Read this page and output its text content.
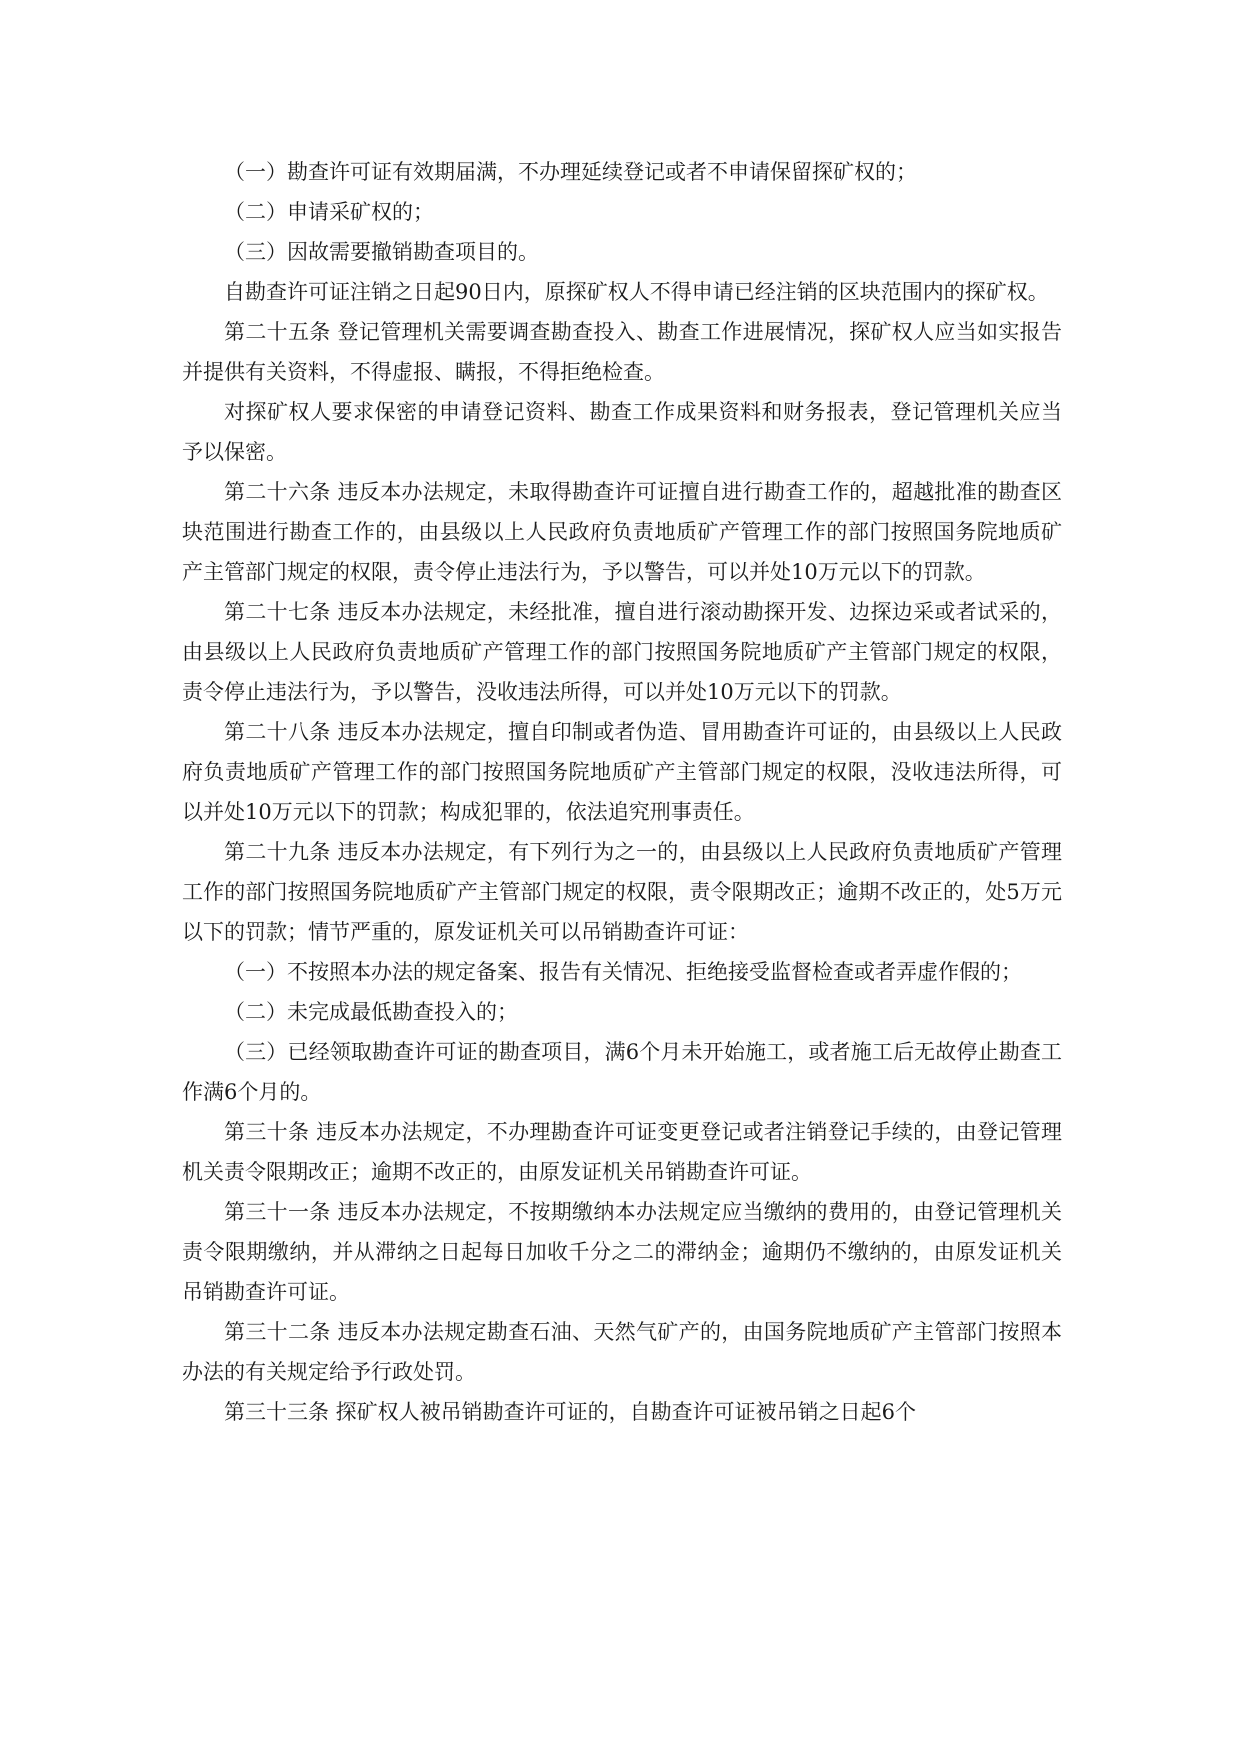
（一）勘查许可证有效期届满，不办理延续登记或者不申请保留探矿权的；

（二）申请采矿权的；

（三）因故需要撤销勘查项目的。

自勘查许可证注销之日起90日内，原探矿权人不得申请已经注销的区块范围内的探矿权。

第二十五条 登记管理机关需要调查勘查投入、勘查工作进展情况，探矿权人应当如实报告并提供有关资料，不得虚报、瞒报，不得拒绝检查。

对探矿权人要求保密的申请登记资料、勘查工作成果资料和财务报表，登记管理机关应当予以保密。

第二十六条 违反本办法规定，未取得勘查许可证擅自进行勘查工作的，超越批准的勘查区块范围进行勘查工作的，由县级以上人民政府负责地质矿产管理工作的部门按照国务院地质矿产主管部门规定的权限，责令停止违法行为，予以警告，可以并处10万元以下的罚款。

第二十七条 违反本办法规定，未经批准，擅自进行滚动勘探开发、边探边采或者试采的，由县级以上人民政府负责地质矿产管理工作的部门按照国务院地质矿产主管部门规定的权限，责令停止违法行为，予以警告，没收违法所得，可以并处10万元以下的罚款。

第二十八条 违反本办法规定，擅自印制或者伪造、冒用勘查许可证的，由县级以上人民政府负责地质矿产管理工作的部门按照国务院地质矿产主管部门规定的权限，没收违法所得，可以并处10万元以下的罚款；构成犯罪的，依法追究刑事责任。

第二十九条 违反本办法规定，有下列行为之一的，由县级以上人民政府负责地质矿产管理工作的部门按照国务院地质矿产主管部门规定的权限，责令限期改正；逾期不改正的，处5万元以下的罚款；情节严重的，原发证机关可以吊销勘查许可证：

（一）不按照本办法的规定备案、报告有关情况、拒绝接受监督检查或者弄虚作假的；

（二）未完成最低勘查投入的；

（三）已经领取勘查许可证的勘查项目，满6个月未开始施工，或者施工后无故停止勘查工作满6个月的。

第三十条 违反本办法规定，不办理勘查许可证变更登记或者注销登记手续的，由登记管理机关责令限期改正；逾期不改正的，由原发证机关吊销勘查许可证。

第三十一条 违反本办法规定，不按期缴纳本办法规定应当缴纳的费用的，由登记管理机关责令限期缴纳，并从滞纳之日起每日加收千分之二的滞纳金；逾期仍不缴纳的，由原发证机关吊销勘查许可证。

第三十二条 违反本办法规定勘查石油、天然气矿产的，由国务院地质矿产主管部门按照本办法的有关规定给予行政处罚。

第三十三条 探矿权人被吊销勘查许可证的，自勘查许可证被吊销之日起6个
